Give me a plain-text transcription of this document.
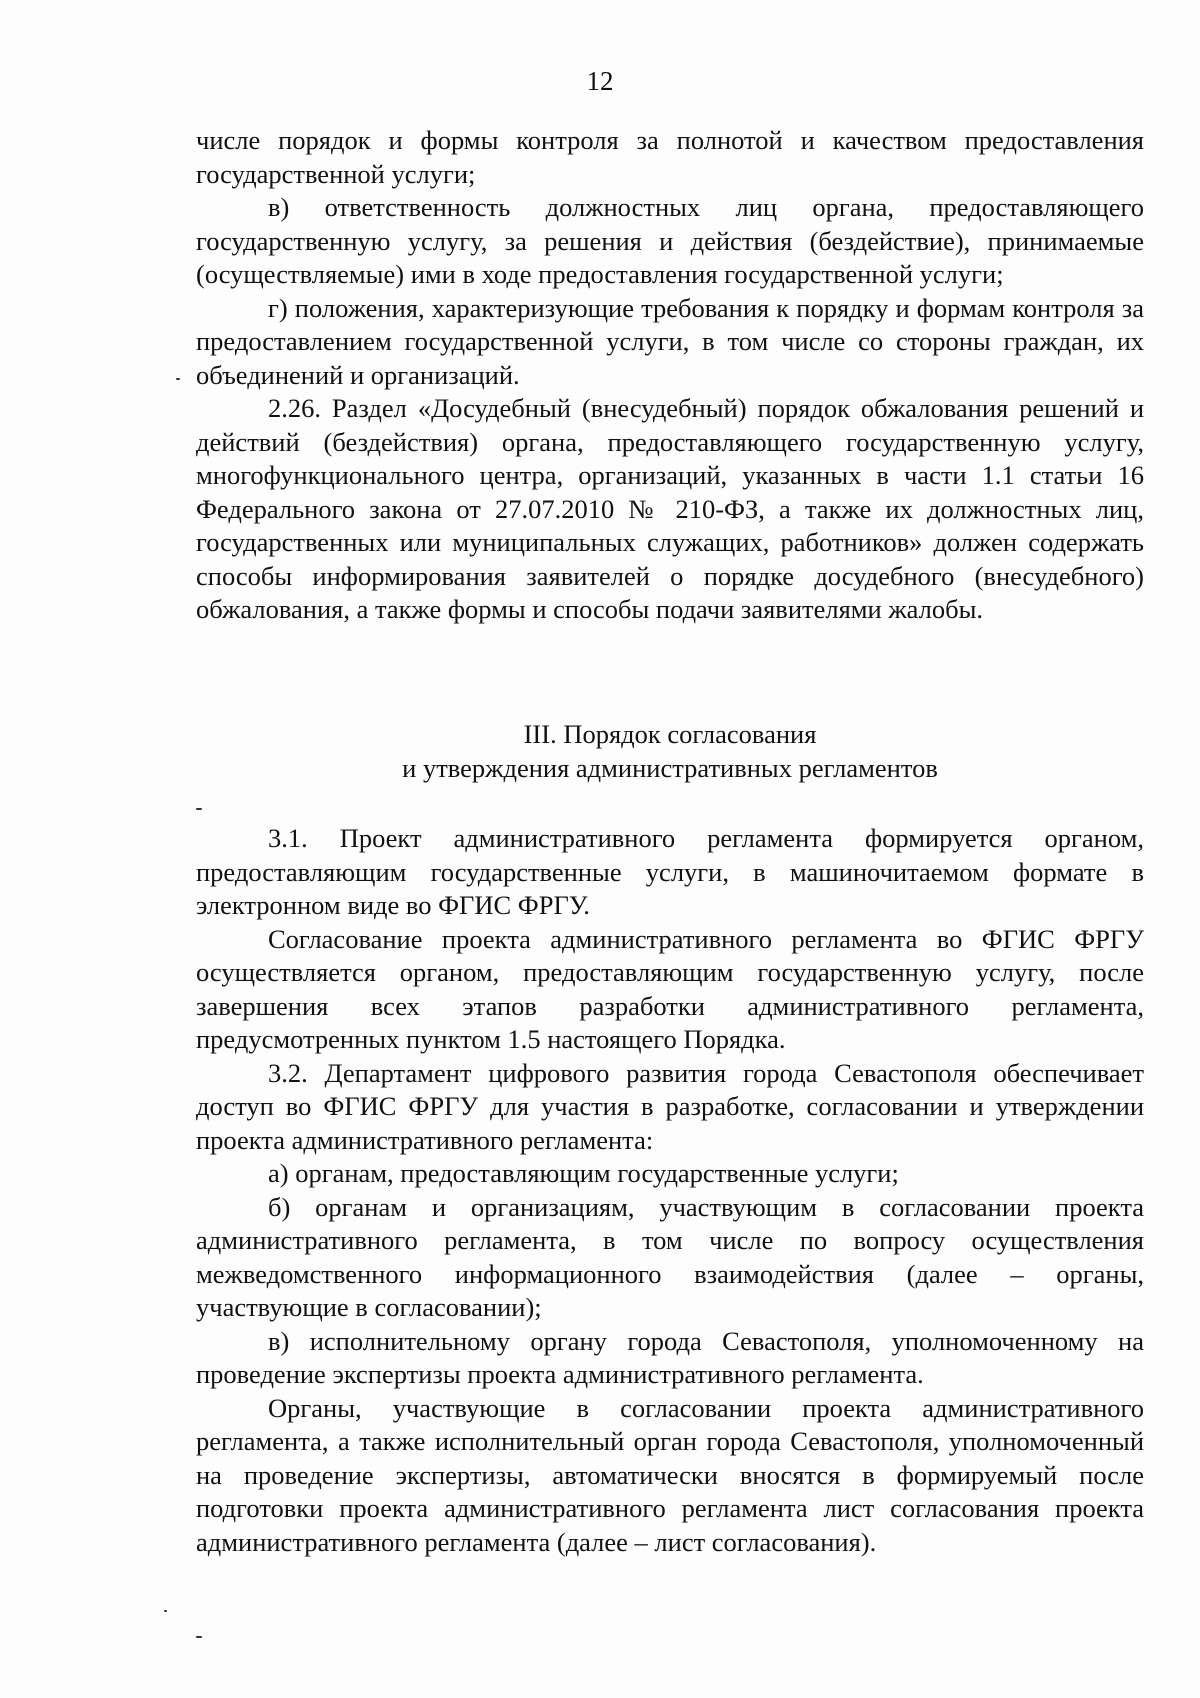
12

числе порядок и формы контроля за полнотой и качеством предоставления государственной услуги;

в) ответственность должностных лиц органа, предоставляющего государственную услугу, за решения и действия (бездействие), принимаемые (осуществляемые) ими в ходе предоставления государственной услуги;

г) положения, характеризующие требования к порядку и формам контроля за предоставлением государственной услуги, в том числе со стороны граждан, их объединений и организаций.

2.26. Раздел «Досудебный (внесудебный) порядок обжалования решений и действий (бездействия) органа, предоставляющего государственную услугу, многофункционального центра, организаций, указанных в части 1.1 статьи 16 Федерального закона от 27.07.2010 № 210-ФЗ, а также их должностных лиц, государственных или муниципальных служащих, работников» должен содержать способы информирования заявителей о порядке досудебного (внесудебного) обжалования, а также формы и способы подачи заявителями жалобы.

III. Порядок согласования
и утверждения административных регламентов

3.1. Проект административного регламента формируется органом, предоставляющим государственные услуги, в машиночитаемом формате в электронном виде во ФГИС ФРГУ.

Согласование проекта административного регламента во ФГИС ФРГУ осуществляется органом, предоставляющим государственную услугу, после завершения всех этапов разработки административного регламента, предусмотренных пунктом 1.5 настоящего Порядка.

3.2. Департамент цифрового развития города Севастополя обеспечивает доступ во ФГИС ФРГУ для участия в разработке, согласовании и утверждении проекта административного регламента:

а) органам, предоставляющим государственные услуги;

б) органам и организациям, участвующим в согласовании проекта административного регламента, в том числе по вопросу осуществления межведомственного информационного взаимодействия (далее – органы, участвующие в согласовании);

в) исполнительному органу города Севастополя, уполномоченному на проведение экспертизы проекта административного регламента.

Органы, участвующие в согласовании проекта административного регламента, а также исполнительный орган города Севастополя, уполномоченный на проведение экспертизы, автоматически вносятся в формируемый после подготовки проекта административного регламента лист согласования проекта административного регламента (далее – лист согласования).
